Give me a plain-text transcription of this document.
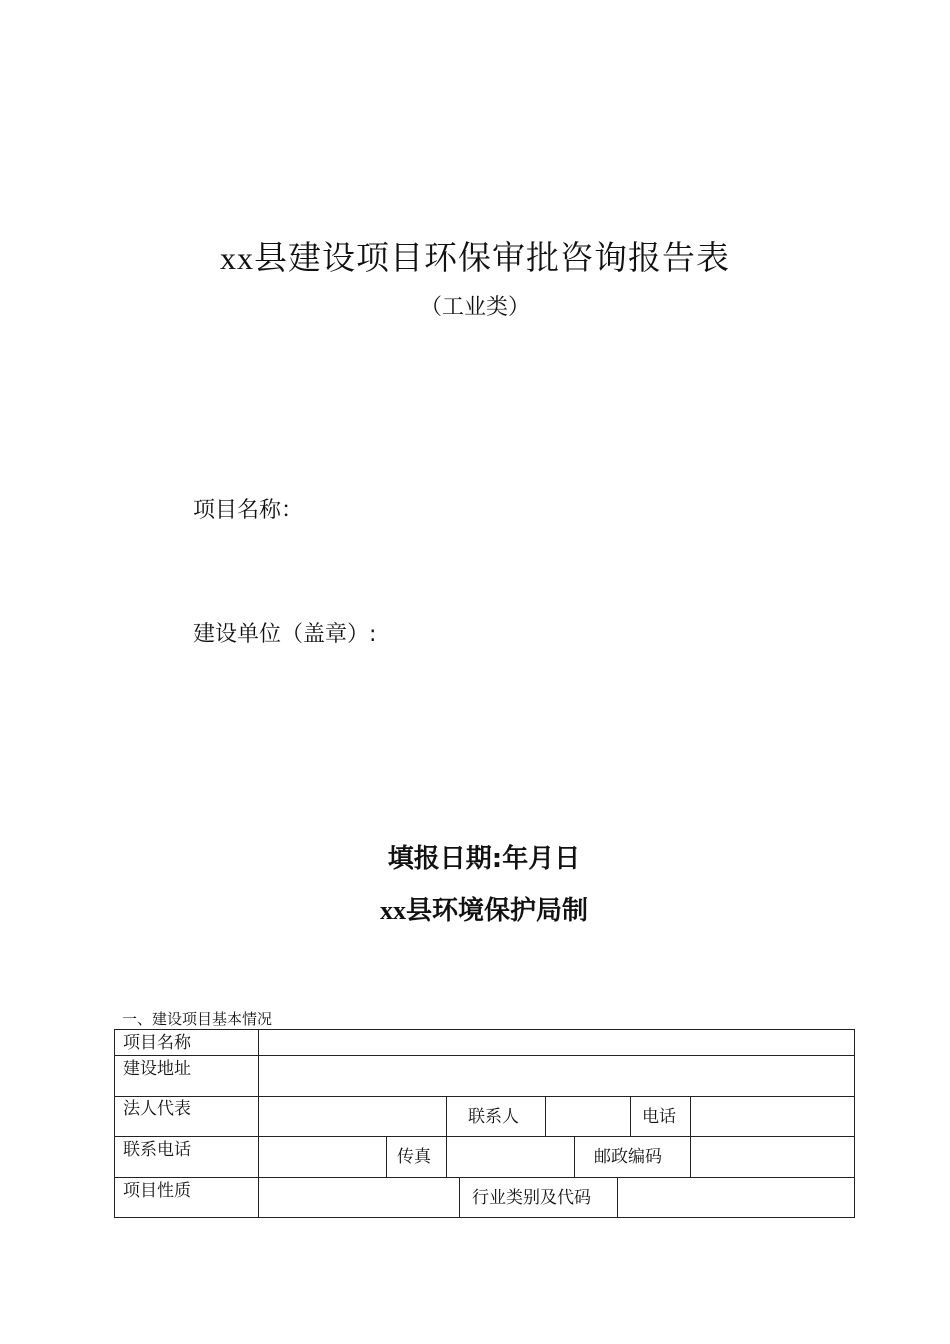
xx县建设项目环保审批咨询报告表
（工业类）
项目名称：
建设单位（盖章）:
填报日期:年月日
xx县环境保护局制
一、建设项目基本情况
项目名称
建设地址
法人代表	联系人	电话
联系电话	传真	邮政编码
项目性质	行业类别及代码
